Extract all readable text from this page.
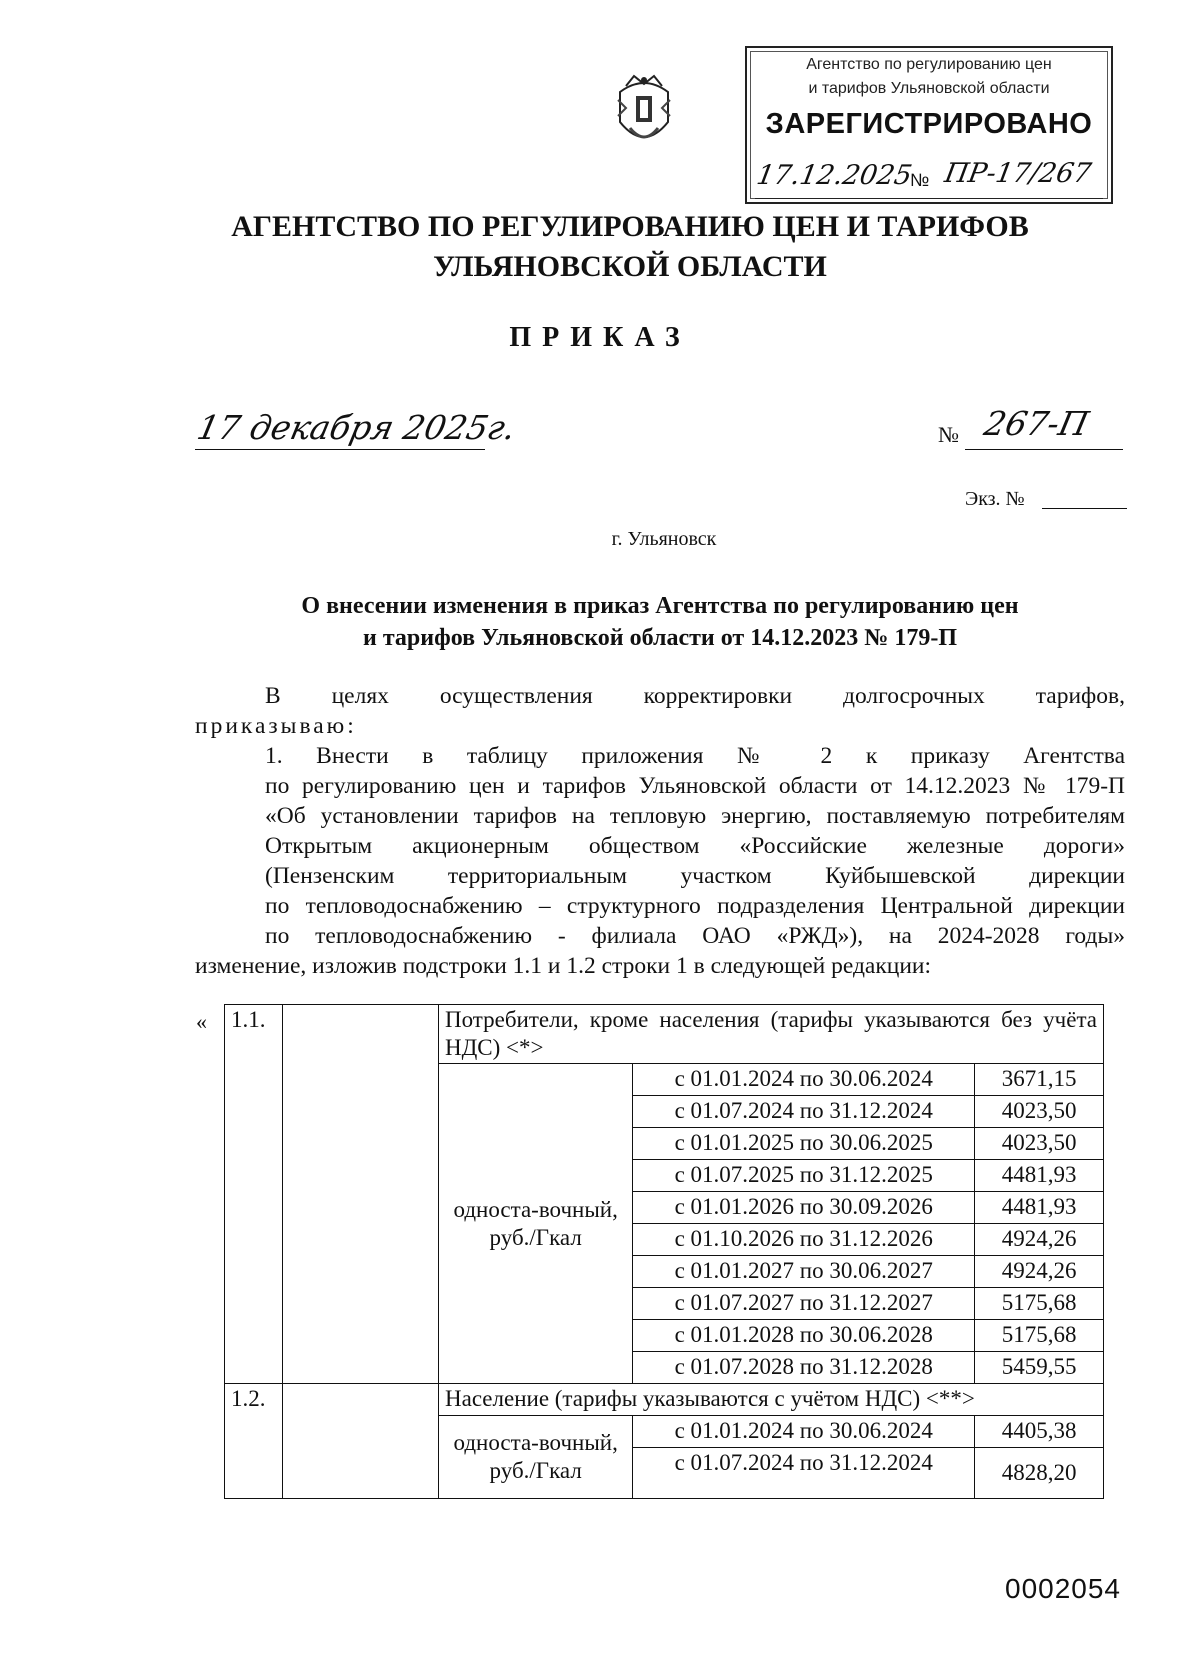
Агентство по регулированию цен
и тарифов Ульяновской области
ЗАРЕГИСТРИРОВАНО
17.12.2025
№ ПР-17/267
АГЕНТСТВО ПО РЕГУЛИРОВАНИЮ ЦЕН И ТАРИФОВ
УЛЬЯНОВСКОЙ ОБЛАСТИ
ПРИКАЗ
17 декабря 2025г.	№ 267-П
Экз. №
г. Ульяновск
О внесении изменения в приказ Агентства по регулированию цен
и тарифов Ульяновской области от 14.12.2023 № 179-П
В целях осуществления корректировки долгосрочных тарифов,
приказываю:
1. Внести в таблицу приложения № 2 к приказу Агентства
по регулированию цен и тарифов Ульяновской области от 14.12.2023 № 179-П
«Об установлении тарифов на тепловую энергию, поставляемую потребителям
Открытым акционерным обществом «Российские железные дороги»
(Пензенским территориальным участком Куйбышевской дирекции
по тепловодоснабжению – структурного подразделения Центральной дирекции
по тепловодоснабжению - филиала ОАО «РЖД»), на 2024-2028 годы»
изменение, изложив подстроки 1.1 и 1.2 строки 1 в следующей редакции:
« 1.1.		Потребители, кроме населения (тарифы указываются без учёта НДС) <*>		
		односта-вочный, руб./Гкал	с 01.01.2024 по 30.06.2024	3671,15
			с 01.07.2024 по 31.12.2024	4023,50
			с 01.01.2025 по 30.06.2025	4023,50
			с 01.07.2025 по 31.12.2025	4481,93
			с 01.01.2026 по 30.09.2026	4481,93
			с 01.10.2026 по 31.12.2026	4924,26
			с 01.01.2027 по 30.06.2027	4924,26
			с 01.07.2027 по 31.12.2027	5175,68
			с 01.01.2028 по 30.06.2028	5175,68
			с 01.07.2028 по 31.12.2028	5459,55
1.2.		Население (тарифы указываются с учётом НДС) <**>		
		односта-вочный, руб./Гкал	с 01.01.2024 по 30.06.2024	4405,38
			с 01.07.2024 по 31.12.2024	4828,20
0002054
